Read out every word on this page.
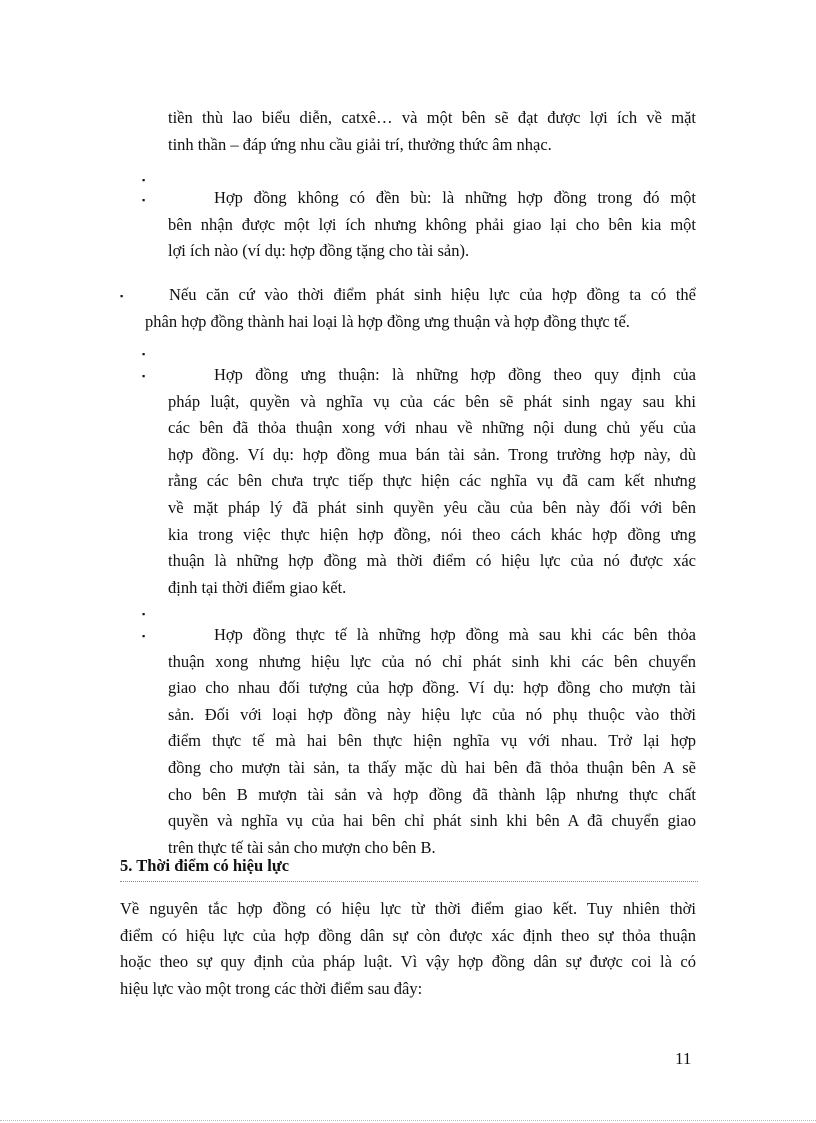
tiền thù lao biểu diễn, catxê… và một bên sẽ đạt được lợi ích về mặt
tinh thần – đáp ứng nhu cầu giải trí, thưởng thức âm nhạc.
▪
▪	Hợp đồng không có đền bù: là những hợp đồng trong đó một
bên nhận được một lợi ích nhưng không phải giao lại cho bên kia một
lợi ích nào (ví dụ: hợp đồng tặng cho tài sản).
▪	Nếu căn cứ vào thời điểm phát sinh hiệu lực của hợp đồng ta có thể
phân hợp đồng thành hai loại là hợp đồng ưng thuận và hợp đồng thực tế.
▪
▪	Hợp đồng ưng thuận: là những hợp đồng theo quy định của
pháp luật, quyền và nghĩa vụ của các bên sẽ phát sinh ngay sau khi
các bên đã thỏa thuận xong với nhau về những nội dung chủ yếu của
hợp đồng. Ví dụ: hợp đồng mua bán tài sản. Trong trường hợp này, dù
rằng các bên chưa trực tiếp thực hiện các nghĩa vụ đã cam kết nhưng
về mặt pháp lý đã phát sinh quyền yêu cầu của bên này đối với bên
kia trong việc thực hiện hợp đồng, nói theo cách khác hợp đồng ưng
thuận là những hợp đồng mà thời điểm có hiệu lực của nó được xác
định tại thời điểm giao kết.
▪
▪	Hợp đồng thực tế là những hợp đồng mà sau khi các bên thỏa
thuận xong nhưng hiệu lực của nó chỉ phát sinh khi các bên chuyển
giao cho nhau đối tượng của hợp đồng. Ví dụ: hợp đồng cho mượn tài
sản. Đối với loại hợp đồng này hiệu lực của nó phụ thuộc vào thời
điểm thực tế mà hai bên thực hiện nghĩa vụ với nhau. Trở lại hợp
đồng cho mượn tài sản, ta thấy mặc dù hai bên đã thỏa thuận bên A sẽ
cho bên B mượn tài sản và hợp đồng đã thành lập nhưng thực chất
quyền và nghĩa vụ của hai bên chỉ phát sinh khi bên A đã chuyển giao
trên thực tế tài sản cho mượn cho bên B.
5. Thời điểm có hiệu lực
Về nguyên tắc hợp đồng có hiệu lực từ thời điểm giao kết. Tuy nhiên thời
điểm có hiệu lực của hợp đồng dân sự còn được xác định theo sự thỏa thuận
hoặc theo sự quy định của pháp luật. Vì vậy hợp đồng dân sự được coi là có
hiệu lực vào một trong các thời điểm sau đây:
11
